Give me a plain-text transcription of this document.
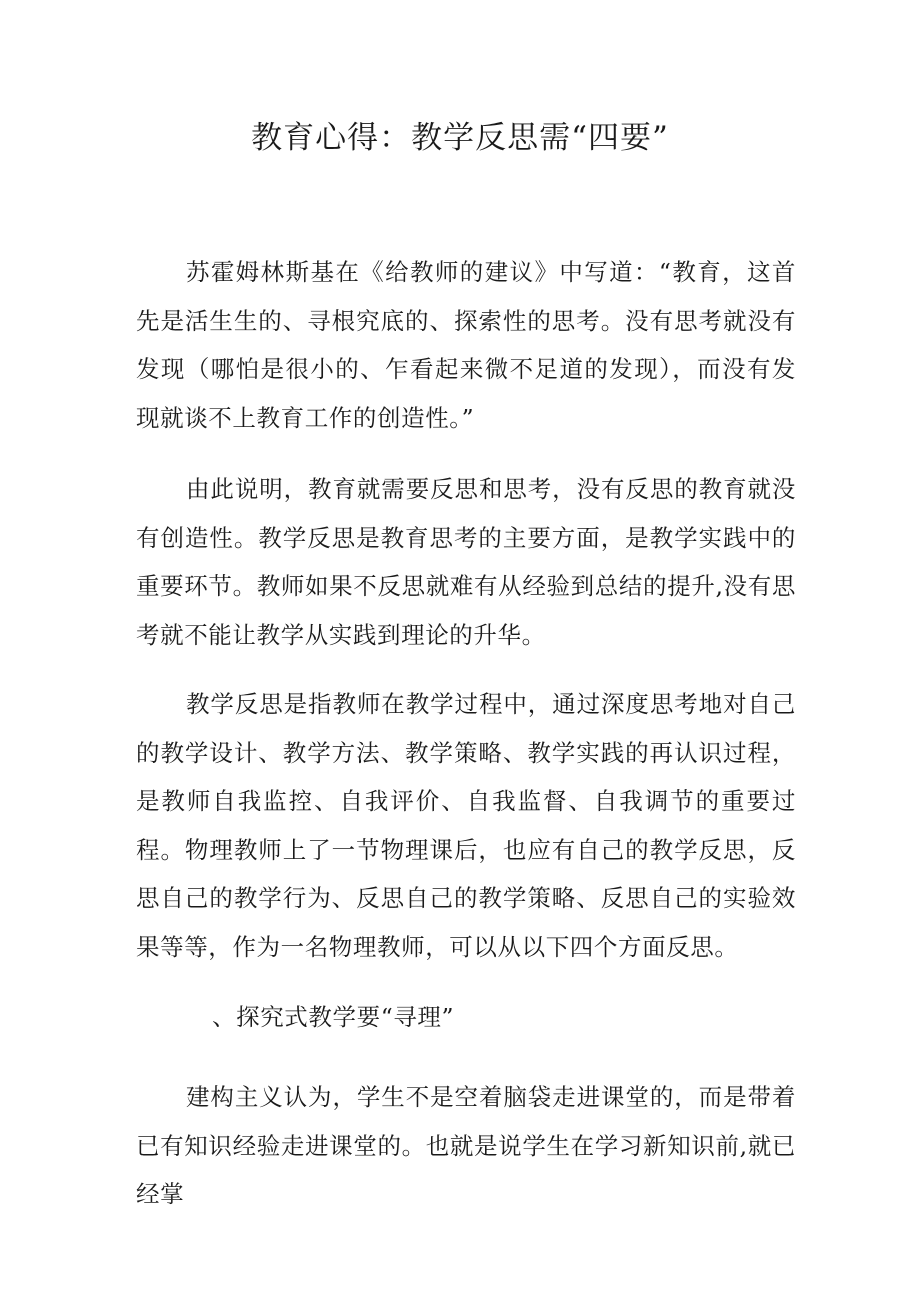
教育心得：教学反思需“四要”

苏霍姆林斯基在《给教师的建议》中写道：“教育，这首先是活生生的、寻根究底的、探索性的思考。没有思考就没有发现（哪怕是很小的、乍看起来微不足道的发现），而没有发现就谈不上教育工作的创造性。”

由此说明，教育就需要反思和思考，没有反思的教育就没有创造性。教学反思是教育思考的主要方面，是教学实践中的重要环节。教师如果不反思就难有从经验到总结的提升,没有思考就不能让教学从实践到理论的升华。

教学反思是指教师在教学过程中，通过深度思考地对自己的教学设计、教学方法、教学策略、教学实践的再认识过程，是教师自我监控、自我评价、自我监督、自我调节的重要过程。物理教师上了一节物理课后，也应有自己的教学反思，反思自己的教学行为、反思自己的教学策略、反思自己的实验效果等等，作为一名物理教师，可以从以下四个方面反思。

、探究式教学要“寻理”

建构主义认为，学生不是空着脑袋走进课堂的，而是带着已有知识经验走进课堂的。也就是说学生在学习新知识前,就已经掌
